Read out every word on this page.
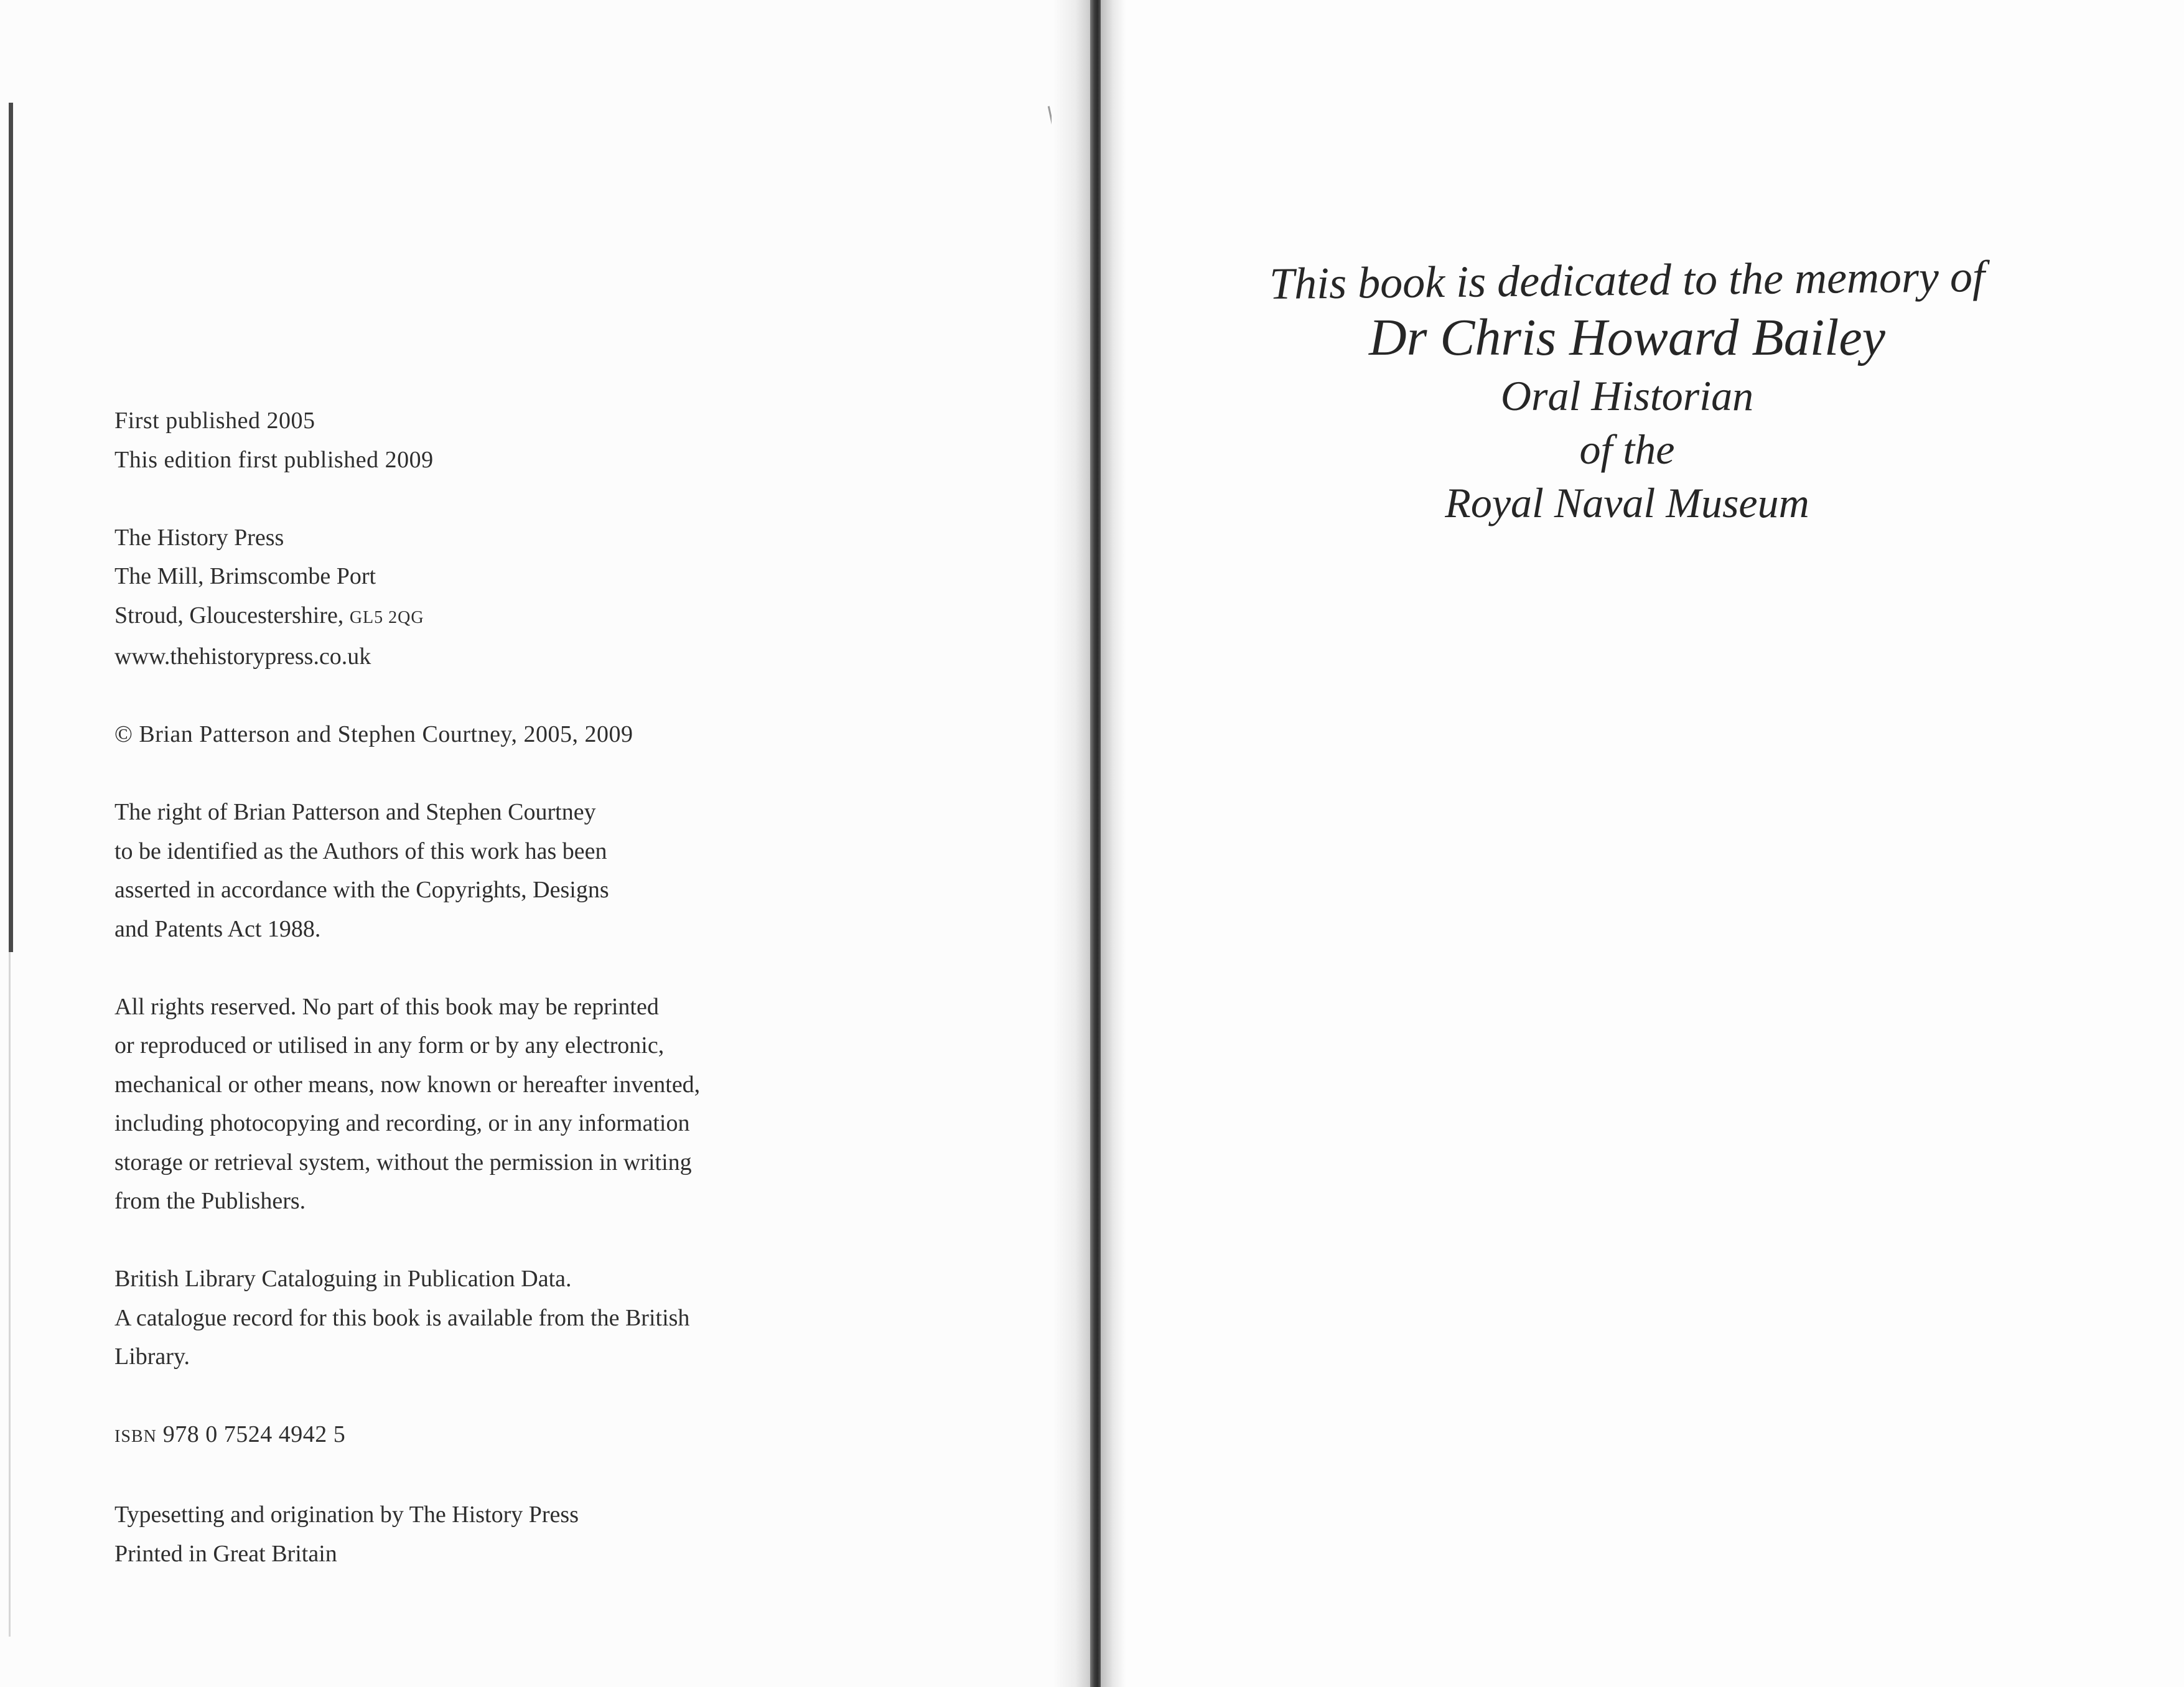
First published 2005
This edition first published 2009

The History Press
The Mill, Brimscombe Port
Stroud, Gloucestershire, GL5 2QG
www.thehistorypress.co.uk

© Brian Patterson and Stephen Courtney, 2005, 2009

The right of Brian Patterson and Stephen Courtney
to be identified as the Authors of this work has been
asserted in accordance with the Copyrights, Designs
and Patents Act 1988.

All rights reserved. No part of this book may be reprinted
or reproduced or utilised in any form or by any electronic,
mechanical or other means, now known or hereafter invented,
including photocopying and recording, or in any information
storage or retrieval system, without the permission in writing
from the Publishers.

British Library Cataloguing in Publication Data.
A catalogue record for this book is available from the British
Library.

ISBN 978 0 7524 4942 5

Typesetting and origination by The History Press
Printed in Great Britain

This book is dedicated to the memory of
Dr Chris Howard Bailey
Oral Historian
of the
Royal Naval Museum
